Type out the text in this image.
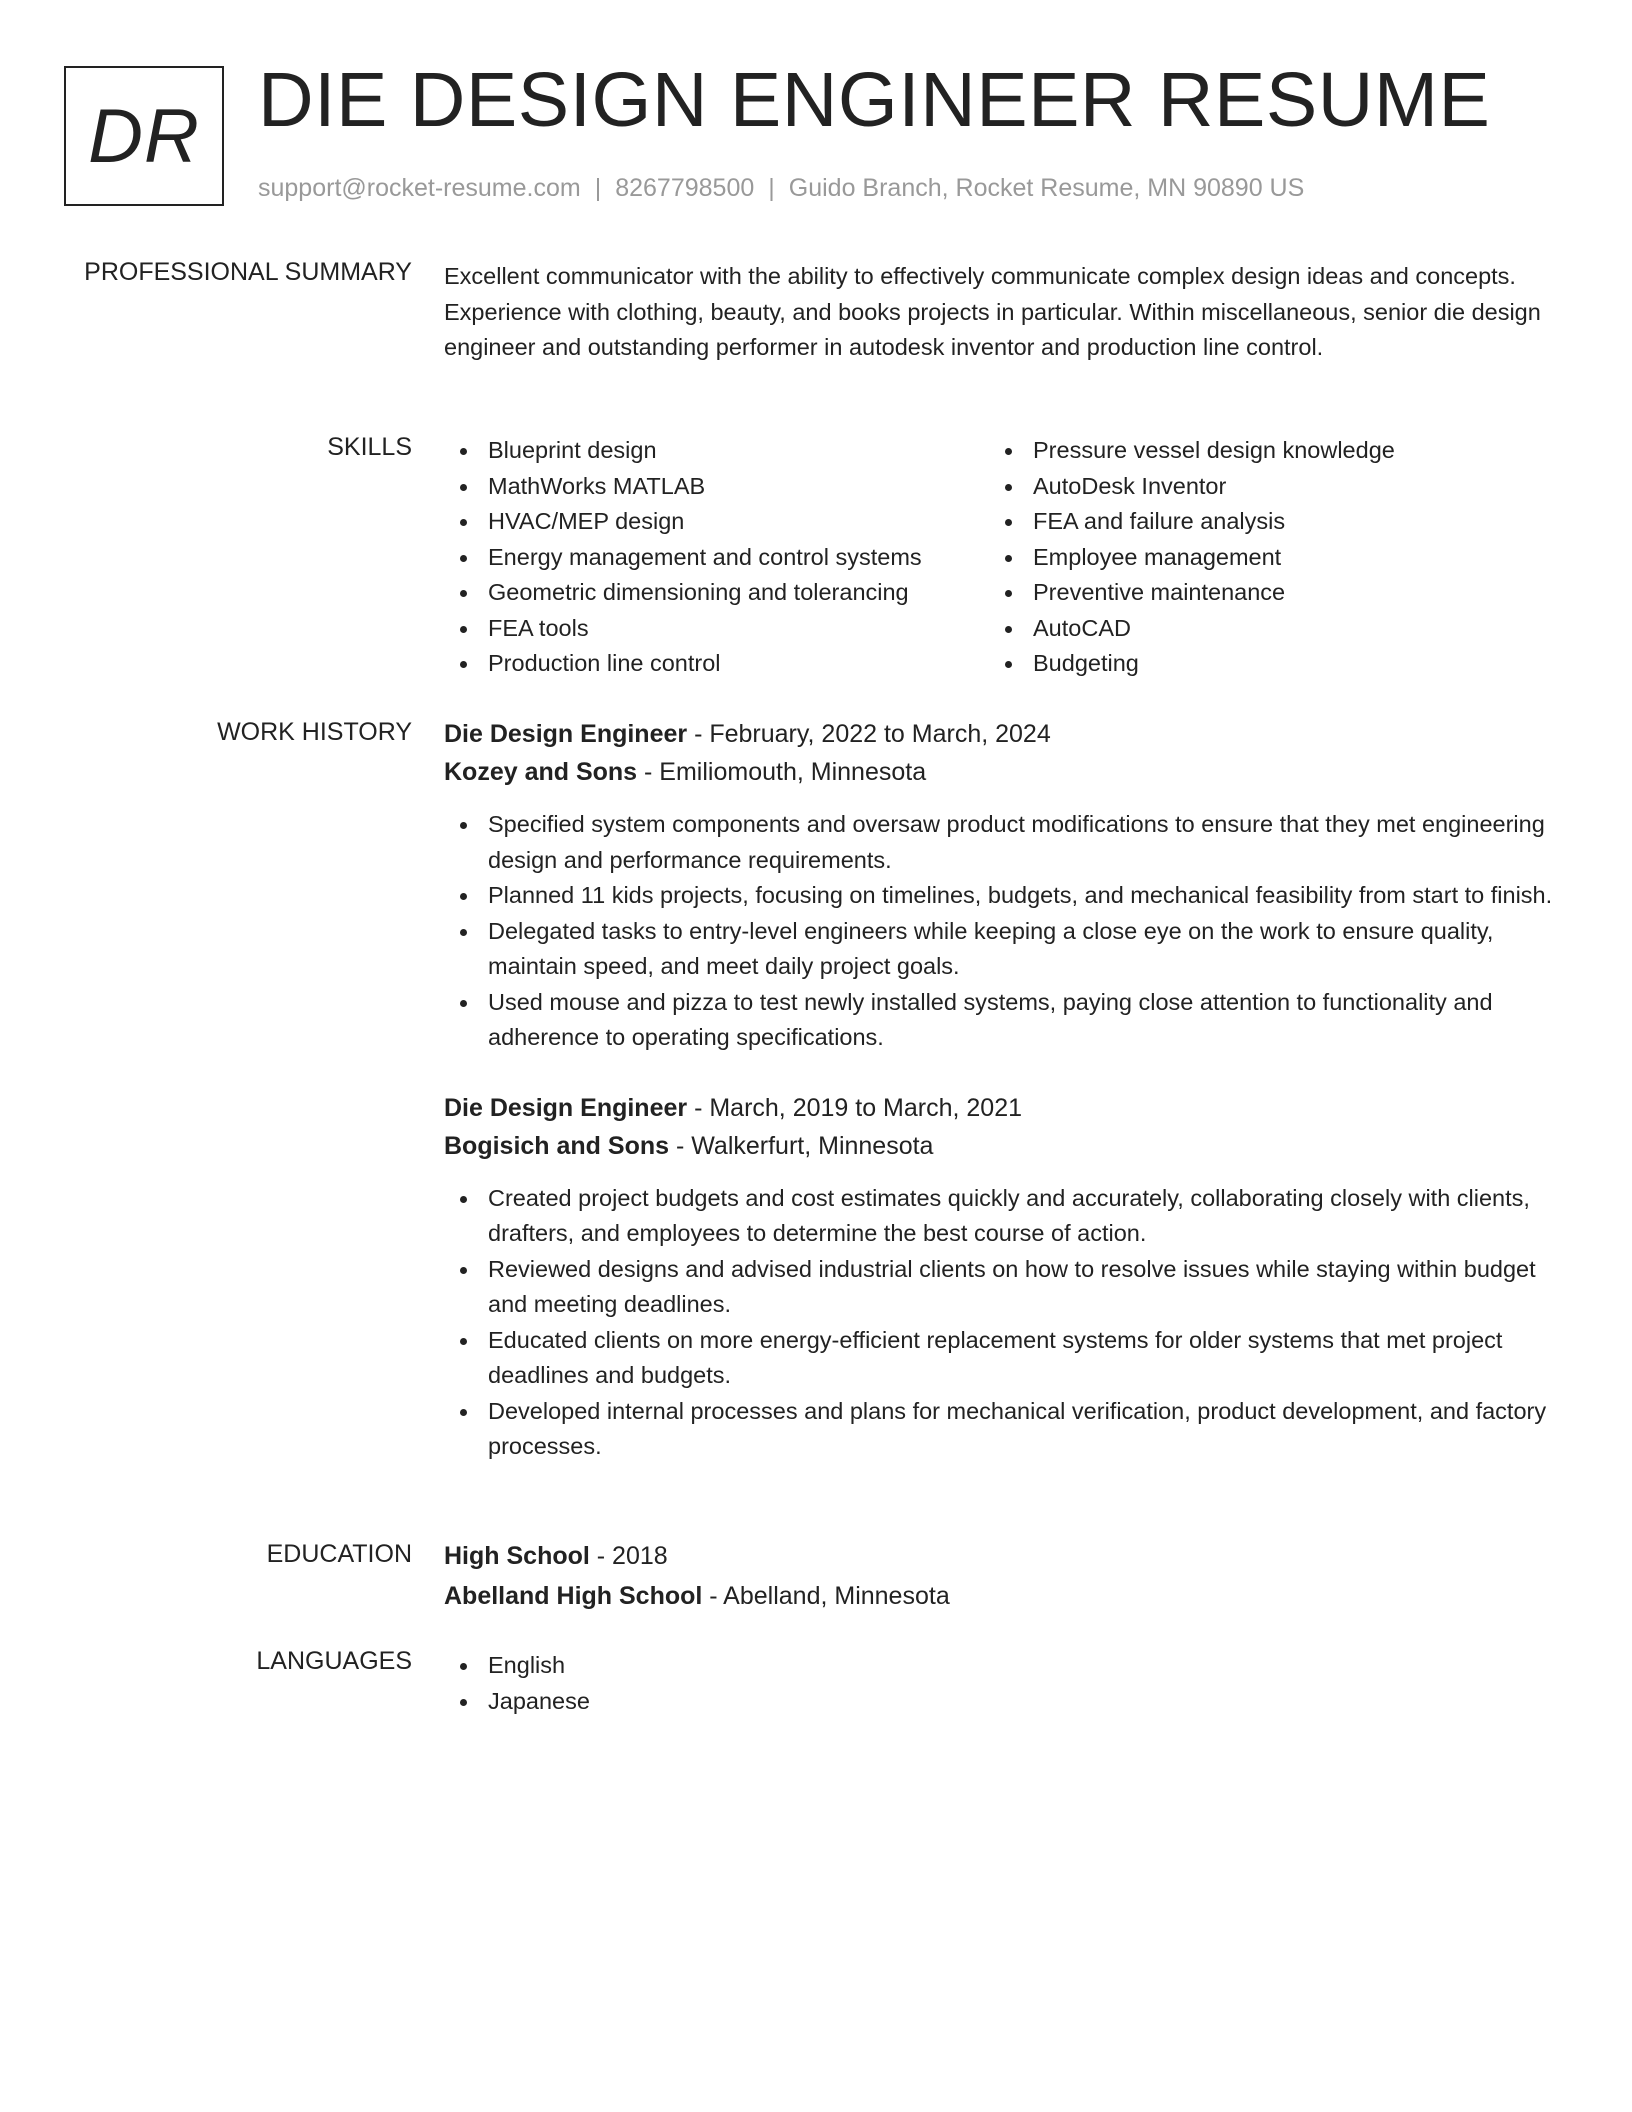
DR DIE DESIGN ENGINEER RESUME
support@rocket-resume.com | 8267798500 | Guido Branch, Rocket Resume, MN 90890 US
PROFESSIONAL SUMMARY Excellent communicator with the ability to effectively communicate complex design ideas and concepts. Experience with clothing, beauty, and books projects in particular. Within miscellaneous, senior die design engineer and outstanding performer in autodesk inventor and production line control.

SKILLS	Blueprint design
MathWorks MATLAB
HVAC/MEP design
Energy management and control systems
Geometric dimensioning and tolerancing
FEA tools
Production line control
Pressure vessel design knowledge
AutoDesk Inventor
FEA and failure analysis
Employee management
Preventive maintenance
AutoCAD
Budgeting
WORK HISTORY Die Design Engineer - February, 2022 to March, 2024
Kozey and Sons - Emiliomouth, Minnesota
Specified system components and oversaw product modifications to ensure that they met engineering design and performance requirements.
Planned 11 kids projects, focusing on timelines, budgets, and mechanical feasibility from start to finish.
Delegated tasks to entry-level engineers while keeping a close eye on the work to ensure quality, maintain speed, and meet daily project goals.
Used mouse and pizza to test newly installed systems, paying close attention to functionality and adherence to operating specifications.
Die Design Engineer - March, 2019 to March, 2021
Bogisich and Sons - Walkerfurt, Minnesota
Created project budgets and cost estimates quickly and accurately, collaborating closely with clients, drafters, and employees to determine the best course of action.
Reviewed designs and advised industrial clients on how to resolve issues while staying within budget and meeting deadlines.
Educated clients on more energy-efficient replacement systems for older systems that met project deadlines and budgets.
Developed internal processes and plans for mechanical verification, product development, and factory processes.
EDUCATION High School - 2018
Abelland High School - Abelland, Minnesota
LANGUAGES	English
Japanese
